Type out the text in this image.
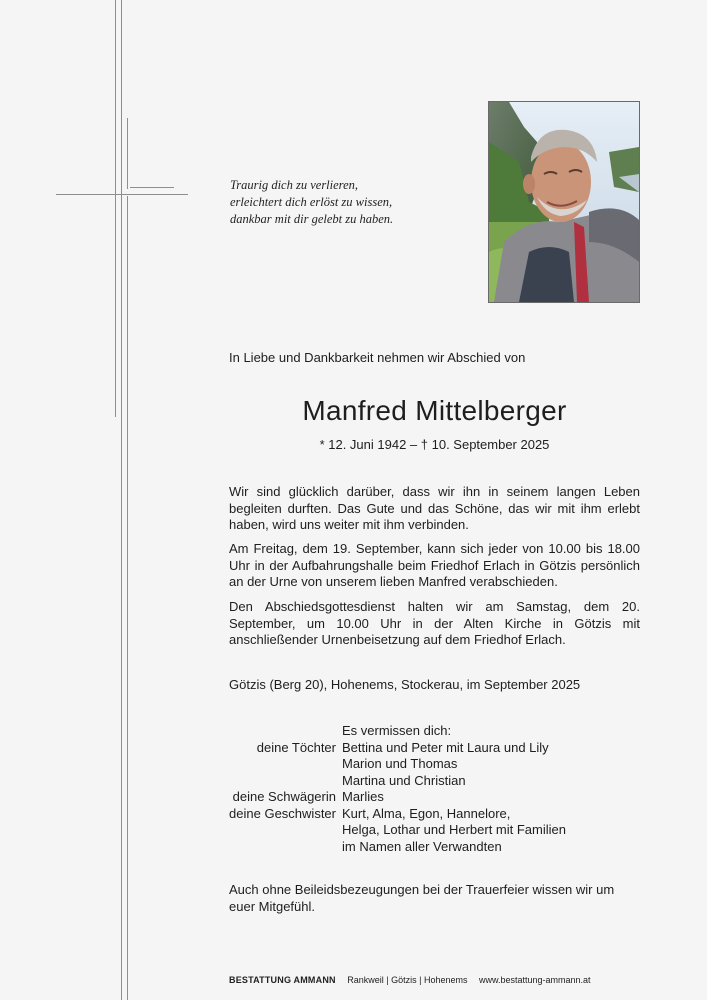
Traurig dich zu verlieren,
erleichtert dich erlöst zu wissen,
dankbar mit dir gelebt zu haben.
In Liebe und Dankbarkeit nehmen wir Abschied von
Manfred Mittelberger
* 12. Juni 1942 – † 10. September 2025
Wir sind glücklich darüber, dass wir ihn in seinem langen Leben begleiten durften. Das Gute und das Schöne, das wir mit ihm erlebt haben, wird uns weiter mit ihm verbinden.
Am Freitag, dem 19. September, kann sich jeder von 10.00 bis 18.00 Uhr in der Aufbahrungshalle beim Friedhof Erlach in Götzis persönlich an der Urne von unserem lieben Manfred verabschieden.
Den Abschiedsgottesdienst halten wir am Samstag, dem 20. September, um 10.00 Uhr in der Alten Kirche in Götzis mit anschließender Urnenbeisetzung auf dem Friedhof Erlach.
Götzis (Berg 20), Hohenems, Stockerau, im September 2025
Es vermissen dich:
deine Töchter Bettina und Peter mit Laura und Lily
Marion und Thomas
Martina und Christian
deine Schwägerin Marlies
deine Geschwister Kurt, Alma, Egon, Hannelore,
Helga, Lothar und Herbert mit Familien
im Namen aller Verwandten
Auch ohne Beileidsbezeugungen bei der Trauerfeier wissen wir um euer Mitgefühl.
BESTATTUNG AMMANN Rankweil | Götzis | Hohenems www.bestattung-ammann.at
